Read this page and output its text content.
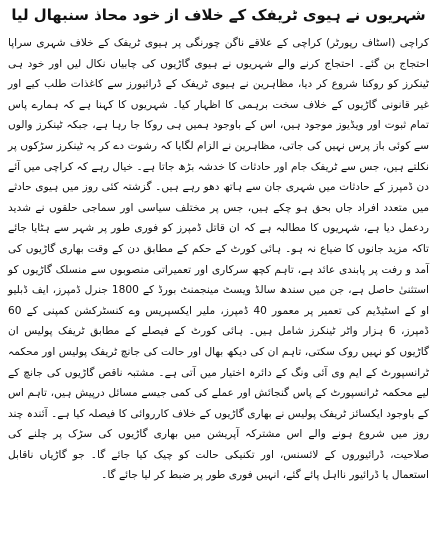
شہریوں نے ہیوی ٹریفک کے خلاف از خود محاذ سنبھال لیا

کراچی (اسٹاف رپورٹر) کراچی کے علاقے ناگن چورنگی پر ہیوی ٹریفک کے خلاف شہری سراپا احتجاج بن گئے۔ احتجاج کرنے والے شہریوں نے ہیوی گاڑیوں کی چابیاں نکال لیں اور خود ہی ٹینکرز کو روکنا شروع کر دیا، مظاہرین نے ہیوی ٹریفک کے ڈرائیورز سے کاغذات طلب کیے اور غیر قانونی گاڑیوں کے خلاف سخت برہمی کا اظہار کیا۔ شہریوں کا کہنا ہے کہ ہمارے پاس تمام ثبوت اور ویڈیوز موجود ہیں، اس کے باوجود ہمیں ہی روکا جا رہا ہے، جبکہ ٹینکرز والوں سے کوئی باز پرس نہیں کی جاتی، مظاہرین نے الزام لگایا کہ رشوت دے کر یہ ٹینکرز سڑکوں پر نکلتے ہیں، جس سے ٹریفک جام اور حادثات کا خدشہ بڑھ جاتا ہے۔ خیال رہے کہ کراچی میں آئے دن ڈمپرز کے حادثات میں شہری جان سے ہاتھ دھو رہے ہیں۔ گزشتہ کئی روز میں ہیوی حادثے میں متعدد افراد جاں بحق ہو چکے ہیں، جس پر مختلف سیاسی اور سماجی حلقوں نے شدید ردعمل دیا ہے، شہریوں کا مطالبہ ہے کہ ان قاتل ڈمپرز کو فوری طور پر شہر سے ہٹایا جائے تاکہ مزید جانوں کا ضیاع نہ ہو۔ ہائی کورٹ کے حکم کے مطابق دن کے وقت بھاری گاڑیوں کی آمد و رفت پر پابندی عائد ہے، تاہم کچھ سرکاری اور تعمیراتی منصوبوں سے منسلک گاڑیوں کو استثنیٰ حاصل ہے، جن میں سندھ سالڈ ویسٹ مینجمنٹ بورڈ کے 1800 جنرل ڈمپرز، ایف ڈبلیو او کے اسٹیڈیم کی تعمیر پر معمور 40 ڈمپرز، ملیر ایکسپریس وے کنسٹرکشن کمپنی کے 60 ڈمپرز، 6 ہزار واٹر ٹینکرز شامل ہیں۔ ہائی کورٹ کے فیصلے کے مطابق ٹریفک پولیس ان گاڑیوں کو نہیں روک سکتی، تاہم ان کی دیکھ بھال اور حالت کی جانچ ٹریفک پولیس اور محکمہ ٹرانسپورٹ کے ایم وی آئی ونگ کے دائرہ اختیار میں آتی ہے۔ مشتبہ ناقص گاڑیوں کی جانچ کے لیے محکمہ ٹرانسپورٹ کے پاس گنجائش اور عملے کی کمی جیسے مسائل درپیش ہیں، تاہم اس کے باوجود ایکسائز ٹریفک پولیس نے بھاری گاڑیوں کے خلاف کارروائی کا فیصلہ کیا ہے۔ آئندہ چند روز میں شروع ہونے والے اس مشترکہ آپریشن میں بھاری گاڑیوں کی سڑک پر چلنے کی صلاحیت، ڈرائیوروں کے لائسنس، اور تکنیکی حالت کو چیک کیا جائے گا۔ جو گاڑیاں ناقابل استعمال یا ڈرائیور نااہل پائے گئے، انہیں فوری طور پر ضبط کر لیا جائے گا۔
